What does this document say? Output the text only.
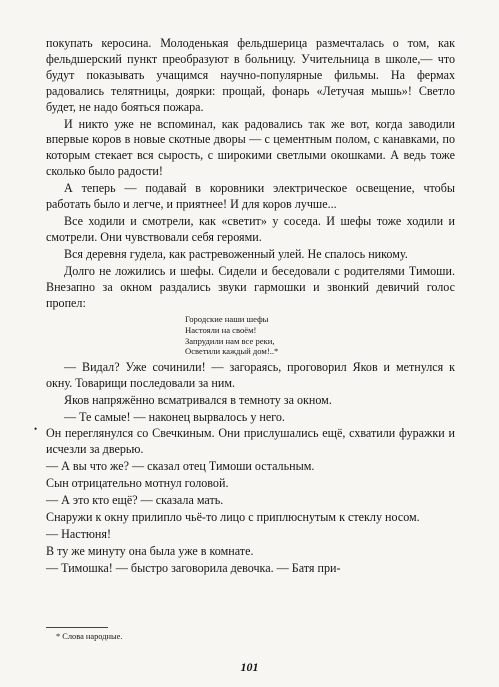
покупать керосина. Молоденькая фельдшерица размечталась о том, как фельдшерский пункт преобразуют в больницу. Учительница в школе,— что будут показывать учащимся научно-популярные фильмы. На фермах радовались телятницы, доярки: прощай, фонарь «Летучая мышь»! Светло будет, не надо бояться пожара.

И никто уже не вспоминал, как радовались так же вот, когда заводили впервые коров в новые скотные дворы — с цементным полом, с канавками, по которым стекает вся сырость, с широкими светлыми окошками. А ведь тоже сколько было радости!

А теперь — подавай в коровники электрическое освещение, чтобы работать было и легче, и приятнее! И для коров лучше...

Все ходили и смотрели, как «светит» у соседа. И шефы тоже ходили и смотрели. Они чувствовали себя героями.

Вся деревня гудела, как растревоженный улей. Не спалось никому.

Долго не ложились и шефы. Сидели и беседовали с родителями Тимоши. Внезапно за окном раздались звуки гармошки и звонкий девичий голос пропел:

Городские наши шефы
Настояли на своём!
Запрудили нам все реки,
Осветили каждый дом!..*

— Видал? Уже сочинили! — загораясь, проговорил Яков и метнулся к окну. Товарищи последовали за ним.

Яков напряжённо всматривался в темноту за окном.

— Те самые! — наконец вырвалось у него.

Он переглянулся со Свечкиным. Они прислушались ещё, схватили фуражки и исчезли за дверью.

— А вы что же? — сказал отец Тимоши остальным.

Сын отрицательно мотнул головой.

— А это кто ещё? — сказала мать.

Снаружи к окну прилипло чьё-то лицо с приплюснутым к стеклу носом.

— Настюня!

В ту же минуту она была уже в комнате.

— Тимошка! — быстро заговорила девочка. — Батя при-

•
* Слова народные.
101
